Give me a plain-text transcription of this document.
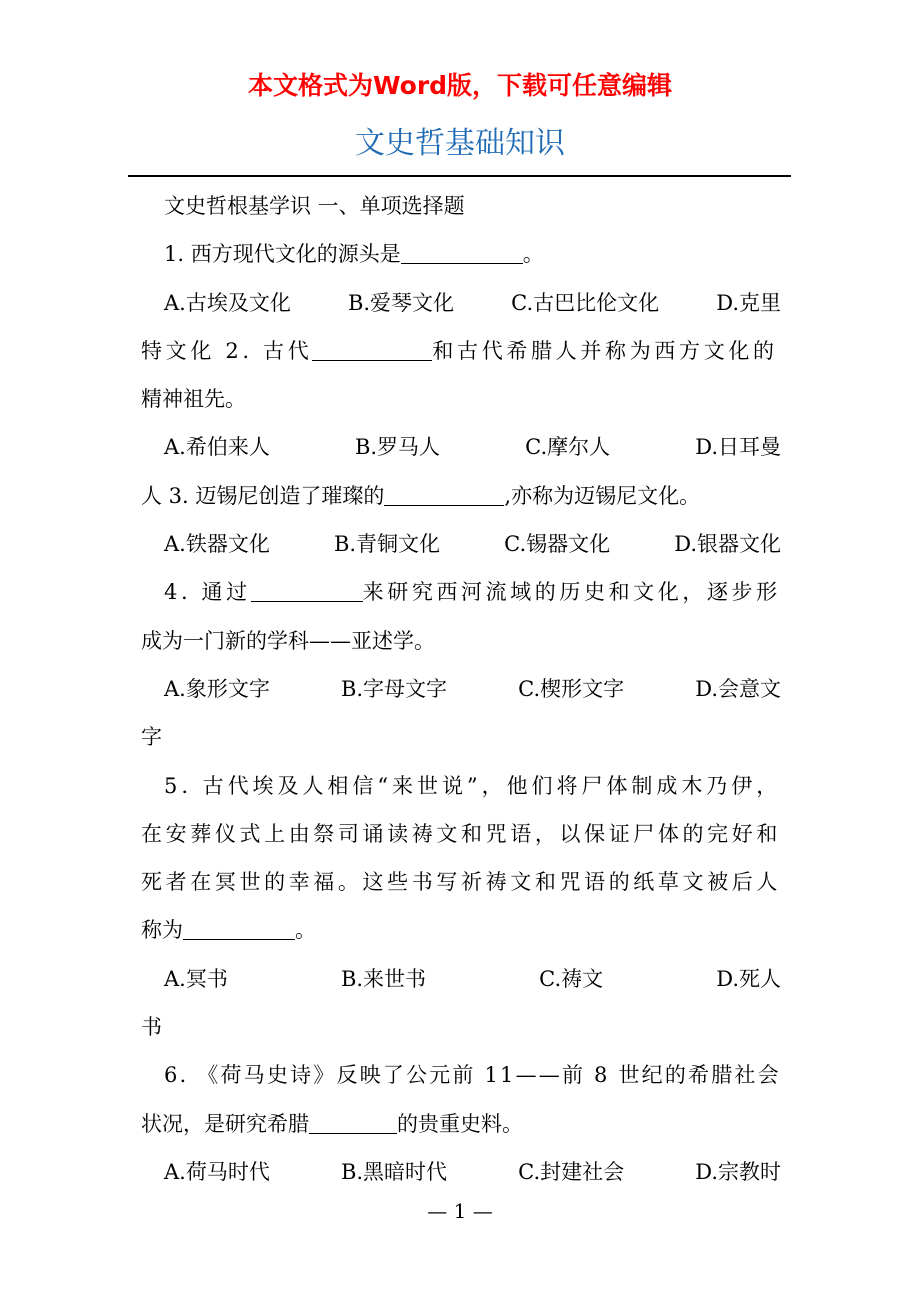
本文格式为Word版，下载可任意编辑
文史哲基础知识
文史哲根基学识 一、单项选择题
1. 西方现代文化的源头是	。
A.古埃及文化	B.爱琴文化	C.古巴比伦文化	D.克里
特文化 2. 古代	和古代希腊人并称为西方文化的
精神祖先。
A.希伯来人	B.罗马人	C.摩尔人	D.日耳曼
人 3. 迈锡尼创造了璀璨的	,亦称为迈锡尼文化。
A.铁器文化	B.青铜文化	C.锡器文化	D.银器文化
4. 通过	来研究西河流域的历史和文化，逐步形
成为一门新的学科——亚述学。
A.象形文字	B.字母文字	C.楔形文字	D.会意文
字
5. 古代埃及人相信“来世说”，他们将尸体制成木乃伊，
在安葬仪式上由祭司诵读祷文和咒语，以保证尸体的完好和
死者在冥世的幸福。这些书写祈祷文和咒语的纸草文被后人
称为	。
A.冥书	B.来世书	C.祷文	D.死人
书
6. 《荷马史诗》反映了公元前 11——前 8 世纪的希腊社会
状况，是研究希腊	的贵重史料。
A.荷马时代	B.黑暗时代	C.封建社会	D.宗教时
— 1 —
